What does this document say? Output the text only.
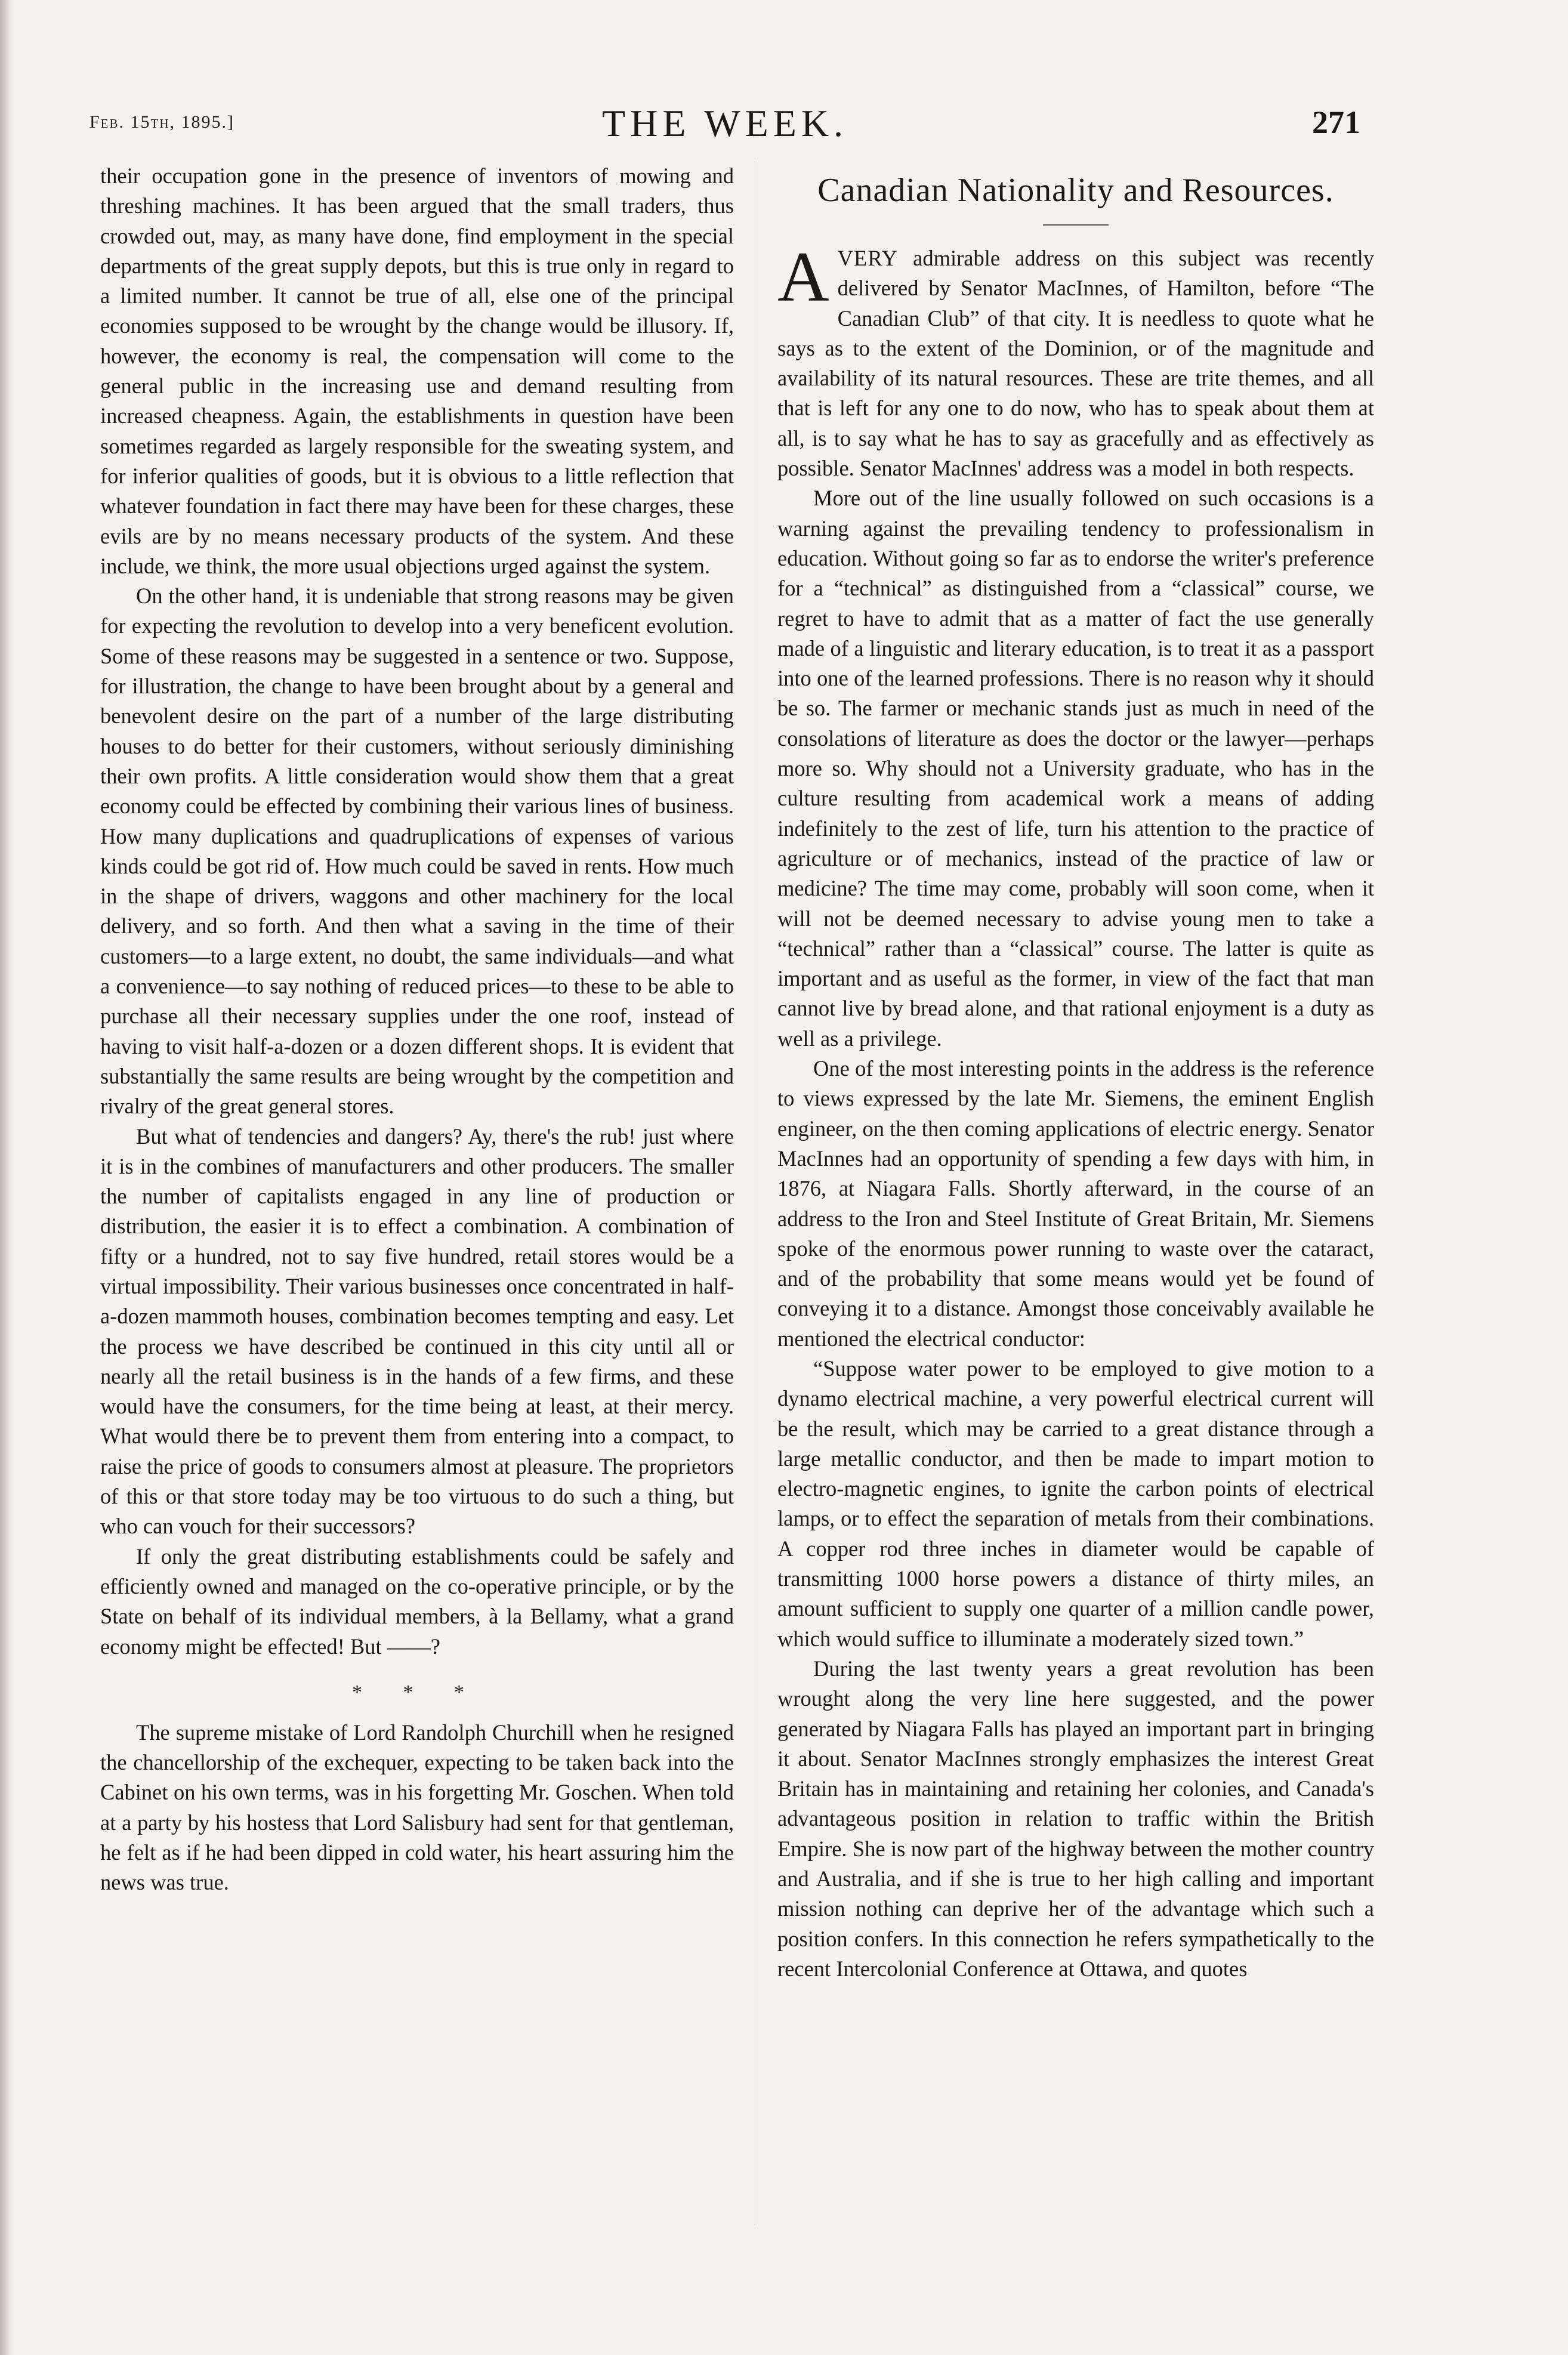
Feb. 15th, 1895.]	THE WEEK.	271

their occupation gone in the presence of inventors of mowing and threshing machines. It has been argued that the small traders, thus crowded out, may, as many have done, find employment in the special departments of the great supply depots, but this is true only in regard to a limited number. It cannot be true of all, else one of the principal economies supposed to be wrought by the change would be illusory. If, however, the economy is real, the compensation will come to the general public in the increasing use and demand resulting from increased cheapness. Again, the establishments in question have been sometimes regarded as largely responsible for the sweating system, and for inferior qualities of goods, but it is obvious to a little reflection that whatever foundation in fact there may have been for these charges, these evils are by no means necessary products of the system. And these include, we think, the more usual objections urged against the system.

On the other hand, it is undeniable that strong reasons may be given for expecting the revolution to develop into a very beneficent evolution. Some of these reasons may be suggested in a sentence or two. Suppose, for illustration, the change to have been brought about by a general and benevolent desire on the part of a number of the large distributing houses to do better for their customers, without seriously diminishing their own profits. A little consideration would show them that a great economy could be effected by combining their various lines of business. How many duplications and quadruplications of expenses of various kinds could be got rid of. How much could be saved in rents. How much in the shape of drivers, waggons and other machinery for the local delivery, and so forth. And then what a saving in the time of their customers—to a large extent, no doubt, the same individuals—and what a convenience—to say nothing of reduced prices—to these to be able to purchase all their necessary supplies under the one roof, instead of having to visit half-a-dozen or a dozen different shops. It is evident that substantially the same results are being wrought by the competition and rivalry of the great general stores.

But what of tendencies and dangers? Ay, there's the rub! just where it is in the combines of manufacturers and other producers. The smaller the number of capitalists engaged in any line of production or distribution, the easier it is to effect a combination. A combination of fifty or a hundred, not to say five hundred, retail stores would be a virtual impossibility. Their various businesses once concentrated in half-a-dozen mammoth houses, combination becomes tempting and easy. Let the process we have described be continued in this city until all or nearly all the retail business is in the hands of a few firms, and these would have the consumers, for the time being at least, at their mercy. What would there be to prevent them from entering into a compact, to raise the price of goods to consumers almost at pleasure. The proprietors of this or that store today may be too virtuous to do such a thing, but who can vouch for their successors?

If only the great distributing establishments could be safely and efficiently owned and managed on the co-operative principle, or by the State on behalf of its individual members, à la Bellamy, what a grand economy might be effected! But ——?

* * *

The supreme mistake of Lord Randolph Churchill when he resigned the chancellorship of the exchequer, expecting to be taken back into the Cabinet on his own terms, was in his forgetting Mr. Goschen. When told at a party by his hostess that Lord Salisbury had sent for that gentleman, he felt as if he had been dipped in cold water, his heart assuring him the news was true.

Canadian Nationality and Resources.

AVERY admirable address on this subject was recently delivered by Senator MacInnes, of Hamilton, before “The Canadian Club” of that city. It is needless to quote what he says as to the extent of the Dominion, or of the magnitude and availability of its natural resources. These are trite themes, and all that is left for any one to do now, who has to speak about them at all, is to say what he has to say as gracefully and as effectively as possible. Senator MacInnes' address was a model in both respects.

More out of the line usually followed on such occasions is a warning against the prevailing tendency to professionalism in education. Without going so far as to endorse the writer's preference for a “technical” as distinguished from a “classical” course, we regret to have to admit that as a matter of fact the use generally made of a linguistic and literary education, is to treat it as a passport into one of the learned professions. There is no reason why it should be so. The farmer or mechanic stands just as much in need of the consolations of literature as does the doctor or the lawyer—perhaps more so. Why should not a University graduate, who has in the culture resulting from academical work a means of adding indefinitely to the zest of life, turn his attention to the practice of agriculture or of mechanics, instead of the practice of law or medicine? The time may come, probably will soon come, when it will not be deemed necessary to advise young men to take a “technical” rather than a “classical” course. The latter is quite as important and as useful as the former, in view of the fact that man cannot live by bread alone, and that rational enjoyment is a duty as well as a privilege.

One of the most interesting points in the address is the reference to views expressed by the late Mr. Siemens, the eminent English engineer, on the then coming applications of electric energy. Senator MacInnes had an opportunity of spending a few days with him, in 1876, at Niagara Falls. Shortly afterward, in the course of an address to the Iron and Steel Institute of Great Britain, Mr. Siemens spoke of the enormous power running to waste over the cataract, and of the probability that some means would yet be found of conveying it to a distance. Amongst those conceivably available he mentioned the electrical conductor:

“Suppose water power to be employed to give motion to a dynamo electrical machine, a very powerful electrical current will be the result, which may be carried to a great distance through a large metallic conductor, and then be made to impart motion to electro-magnetic engines, to ignite the carbon points of electrical lamps, or to effect the separation of metals from their combinations. A copper rod three inches in diameter would be capable of transmitting 1000 horse powers a distance of thirty miles, an amount sufficient to supply one quarter of a million candle power, which would suffice to illuminate a moderately sized town.”

During the last twenty years a great revolution has been wrought along the very line here suggested, and the power generated by Niagara Falls has played an important part in bringing it about. Senator MacInnes strongly emphasizes the interest Great Britain has in maintaining and retaining her colonies, and Canada's advantageous position in relation to traffic within the British Empire. She is now part of the highway between the mother country and Australia, and if she is true to her high calling and important mission nothing can deprive her of the advantage which such a position confers. In this connection he refers sympathetically to the recent Intercolonial Conference at Ottawa, and quotes
